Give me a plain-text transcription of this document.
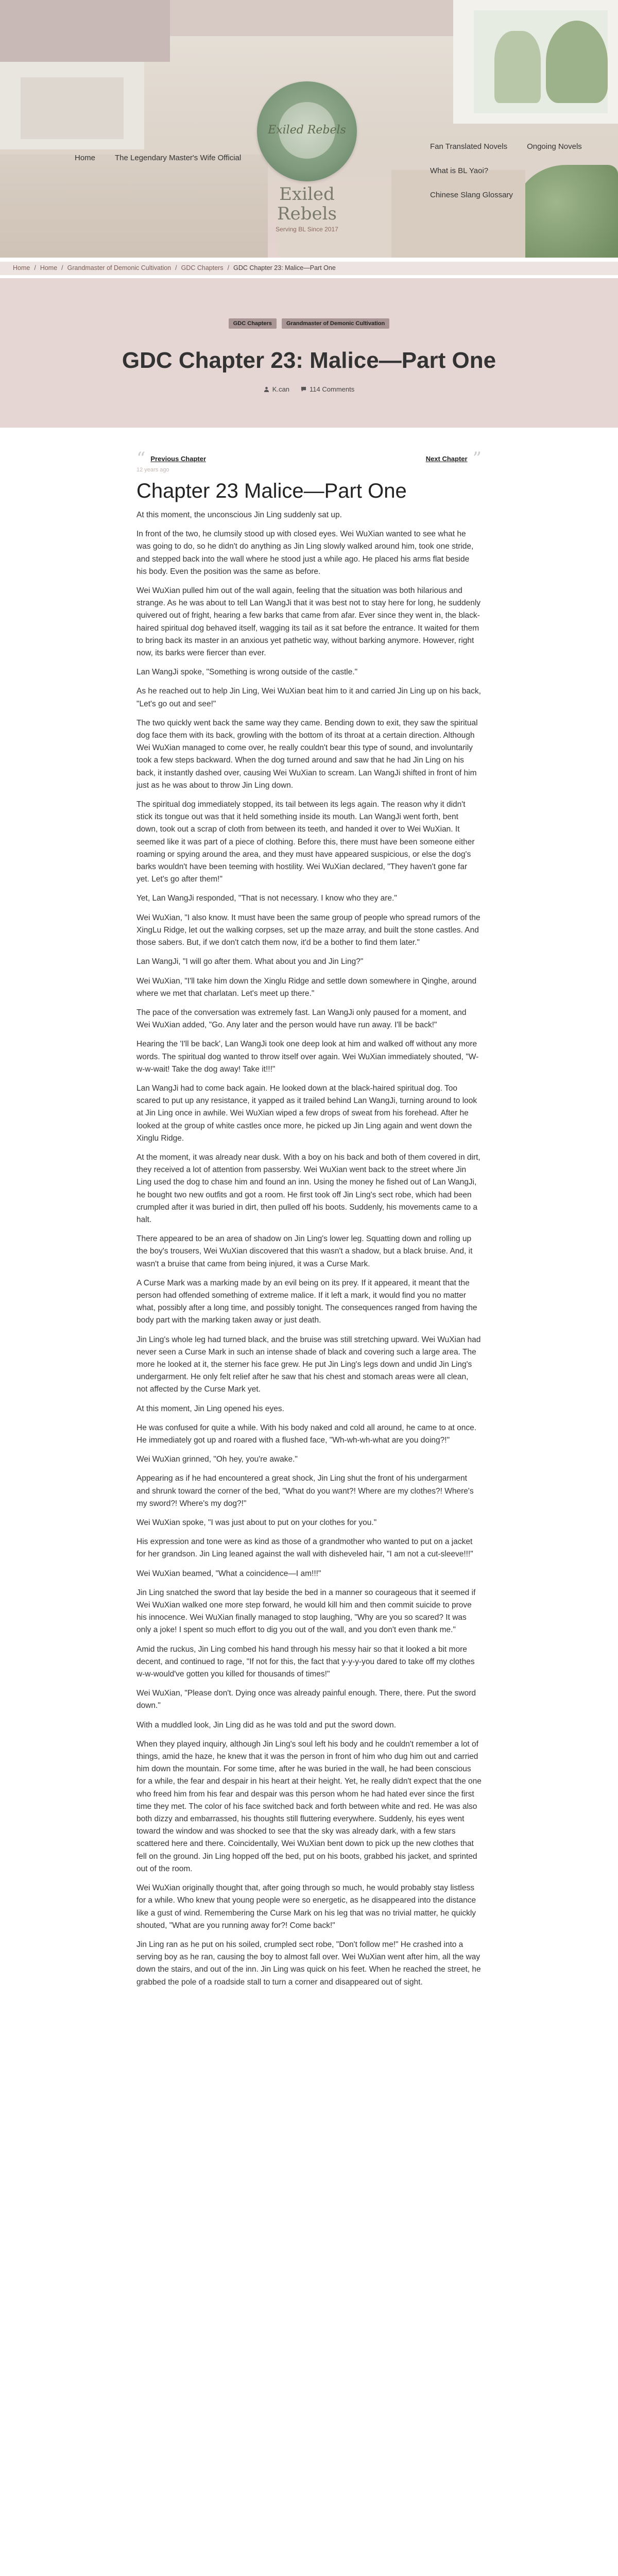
Home	The Legendary Master's Wife Official
Exiled Rebels
Exiled Rebels
Serving BL Since 2017
Fan Translated Novels	Ongoing Novels
What is BL Yaoi?
Chinese Slang Glossary
Home / Home / Grandmaster of Demonic Cultivation / GDC Chapters / GDC Chapter 23: Malice—Part One
GDC Chapters	Grandmaster of Demonic Cultivation
GDC Chapter 23: Malice—Part One
K.can	114 Comments
“ Previous Chapter	Next Chapter ”
12 years ago
Chapter 23 Malice—Part One

At this moment, the unconscious Jin Ling suddenly sat up.

In front of the two, he clumsily stood up with closed eyes. Wei WuXian wanted to see what he was going to do, so he didn't do anything as Jin Ling slowly walked around him, took one stride, and stepped back into the wall where he stood just a while ago. He placed his arms flat beside his body. Even the position was the same as before.

Wei WuXian pulled him out of the wall again, feeling that the situation was both hilarious and strange. As he was about to tell Lan WangJi that it was best not to stay here for long, he suddenly quivered out of fright, hearing a few barks that came from afar. Ever since they went in, the black-haired spiritual dog behaved itself, wagging its tail as it sat before the entrance. It waited for them to bring back its master in an anxious yet pathetic way, without barking anymore. However, right now, its barks were fiercer than ever.

Lan WangJi spoke, "Something is wrong outside of the castle."

As he reached out to help Jin Ling, Wei WuXian beat him to it and carried Jin Ling up on his back, "Let's go out and see!"

The two quickly went back the same way they came. Bending down to exit, they saw the spiritual dog face them with its back, growling with the bottom of its throat at a certain direction. Although Wei WuXian managed to come over, he really couldn't bear this type of sound, and involuntarily took a few steps backward. When the dog turned around and saw that he had Jin Ling on his back, it instantly dashed over, causing Wei WuXian to scream. Lan WangJi shifted in front of him just as he was about to throw Jin Ling down.

The spiritual dog immediately stopped, its tail between its legs again. The reason why it didn't stick its tongue out was that it held something inside its mouth. Lan WangJi went forth, bent down, took out a scrap of cloth from between its teeth, and handed it over to Wei WuXian. It seemed like it was part of a piece of clothing. Before this, there must have been someone either roaming or spying around the area, and they must have appeared suspicious, or else the dog's barks wouldn't have been teeming with hostility. Wei WuXian declared, "They haven't gone far yet. Let's go after them!"

Yet, Lan WangJi responded, "That is not necessary. I know who they are."

Wei WuXian, "I also know. It must have been the same group of people who spread rumors of the XingLu Ridge, let out the walking corpses, set up the maze array, and built the stone castles. And those sabers. But, if we don't catch them now, it'd be a bother to find them later."

Lan WangJi, "I will go after them. What about you and Jin Ling?"

Wei WuXian, "I'll take him down the Xinglu Ridge and settle down somewhere in Qinghe, around where we met that charlatan. Let's meet up there."

The pace of the conversation was extremely fast. Lan WangJi only paused for a moment, and Wei WuXian added, "Go. Any later and the person would have run away. I'll be back!"

Hearing the 'I'll be back', Lan WangJi took one deep look at him and walked off without any more words. The spiritual dog wanted to throw itself over again. Wei WuXian immediately shouted, "W-w-w-wait! Take the dog away! Take it!!!"

Lan WangJi had to come back again. He looked down at the black-haired spiritual dog. Too scared to put up any resistance, it yapped as it trailed behind Lan WangJi, turning around to look at Jin Ling once in awhile. Wei WuXian wiped a few drops of sweat from his forehead. After he looked at the group of white castles once more, he picked up Jin Ling again and went down the Xinglu Ridge.

At the moment, it was already near dusk. With a boy on his back and both of them covered in dirt, they received a lot of attention from passersby. Wei WuXian went back to the street where Jin Ling used the dog to chase him and found an inn. Using the money he fished out of Lan WangJi, he bought two new outfits and got a room. He first took off Jin Ling's sect robe, which had been crumpled after it was buried in dirt, then pulled off his boots. Suddenly, his movements came to a halt.

There appeared to be an area of shadow on Jin Ling's lower leg. Squatting down and rolling up the boy's trousers, Wei WuXian discovered that this wasn't a shadow, but a black bruise. And, it wasn't a bruise that came from being injured, it was a Curse Mark.

A Curse Mark was a marking made by an evil being on its prey. If it appeared, it meant that the person had offended something of extreme malice. If it left a mark, it would find you no matter what, possibly after a long time, and possibly tonight. The consequences ranged from having the body part with the marking taken away or just death.

Jin Ling's whole leg had turned black, and the bruise was still stretching upward. Wei WuXian had never seen a Curse Mark in such an intense shade of black and covering such a large area. The more he looked at it, the sterner his face grew. He put Jin Ling's legs down and undid Jin Ling's undergarment. He only felt relief after he saw that his chest and stomach areas were all clean, not affected by the Curse Mark yet.

At this moment, Jin Ling opened his eyes.

He was confused for quite a while. With his body naked and cold all around, he came to at once. He immediately got up and roared with a flushed face, "Wh-wh-wh-what are you doing?!"

Wei WuXian grinned, "Oh hey, you're awake."

Appearing as if he had encountered a great shock, Jin Ling shut the front of his undergarment and shrunk toward the corner of the bed, "What do you want?! Where are my clothes?! Where's my sword?! Where's my dog?!"

Wei WuXian spoke, "I was just about to put on your clothes for you."

His expression and tone were as kind as those of a grandmother who wanted to put on a jacket for her grandson. Jin Ling leaned against the wall with disheveled hair, "I am not a cut-sleeve!!!"

Wei WuXian beamed, "What a coincidence—I am!!!"

Jin Ling snatched the sword that lay beside the bed in a manner so courageous that it seemed if Wei WuXian walked one more step forward, he would kill him and then commit suicide to prove his innocence. Wei WuXian finally managed to stop laughing, "Why are you so scared? It was only a joke! I spent so much effort to dig you out of the wall, and you don't even thank me."

Amid the ruckus, Jin Ling combed his hand through his messy hair so that it looked a bit more decent, and continued to rage, "If not for this, the fact that y-y-y-you dared to take off my clothes w-w-would've gotten you killed for thousands of times!"

Wei WuXian, "Please don't. Dying once was already painful enough. There, there. Put the sword down."

With a muddled look, Jin Ling did as he was told and put the sword down.

When they played inquiry, although Jin Ling's soul left his body and he couldn't remember a lot of things, amid the haze, he knew that it was the person in front of him who dug him out and carried him down the mountain. For some time, after he was buried in the wall, he had been conscious for a while, the fear and despair in his heart at their height. Yet, he really didn't expect that the one who freed him from his fear and despair was this person whom he had hated ever since the first time they met. The color of his face switched back and forth between white and red. He was also both dizzy and embarrassed, his thoughts still fluttering everywhere. Suddenly, his eyes went toward the window and was shocked to see that the sky was already dark, with a few stars scattered here and there. Coincidentally, Wei WuXian bent down to pick up the new clothes that fell on the ground. Jin Ling hopped off the bed, put on his boots, grabbed his jacket, and sprinted out of the room.

Wei WuXian originally thought that, after going through so much, he would probably stay listless for a while. Who knew that young people were so energetic, as he disappeared into the distance like a gust of wind. Remembering the Curse Mark on his leg that was no trivial matter, he quickly shouted, "What are you running away for?! Come back!"

Jin Ling ran as he put on his soiled, crumpled sect robe, "Don't follow me!" He crashed into a serving boy as he ran, causing the boy to almost fall over. Wei WuXian went after him, all the way down the stairs, and out of the inn. Jin Ling was quick on his feet. When he reached the street, he grabbed the pole of a roadside stall to turn a corner and disappeared out of sight.
